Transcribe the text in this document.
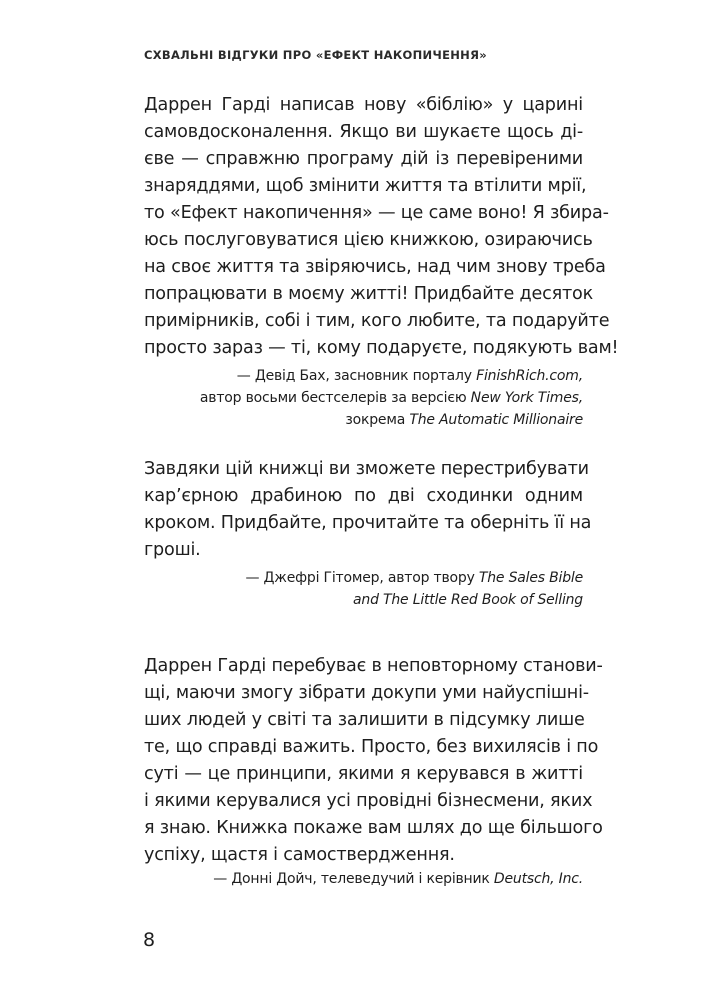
СХВАЛЬНІ ВІДГУКИ ПРО «ЕФЕКТ НАКОПИЧЕННЯ»
Даррен Гарді написав нову «біблію» у царині
самовдосконалення. Якщо ви шукаєте щось ді-
єве — справжню програму дій із перевіреними
знаряддями, щоб змінити життя та втілити мрії,
то «Ефект накопичення» — це саме воно! Я збира-
юсь послуговуватися цією книжкою, озираючись
на своє життя та звіряючись, над чим знову треба
попрацювати в моєму житті! Придбайте десяток
примірників, собі і тим, кого любите, та подаруйте
просто зараз — ті, кому подаруєте, подякують вам!
— Девід Бах, засновник порталу FinishRich.com,
автор восьми бестселерів за версією New York Times,
зокрема The Automatic Millionaire
Завдяки цій книжці ви зможете перестрибувати
кар’єрною драбиною по дві сходинки одним
кроком. Придбайте, прочитайте та оберніть її на
гроші.
— Джефрі Гітомер, автор твору The Sales Bible
and The Little Red Book of Selling
Даррен Гарді перебуває в неповторному станови-
щі, маючи змогу зібрати докупи уми найуспішні-
ших людей у світі та залишити в підсумку лише
те, що справді важить. Просто, без вихилясів і по
суті — це принципи, якими я керувався в житті
і якими керувалися усі провідні бізнесмени, яких
я знаю. Книжка покаже вам шлях до ще більшого
успіху, щастя і самоствердження.
— Донні Дойч, телеведучий і керівник Deutsch, Inc.
8
